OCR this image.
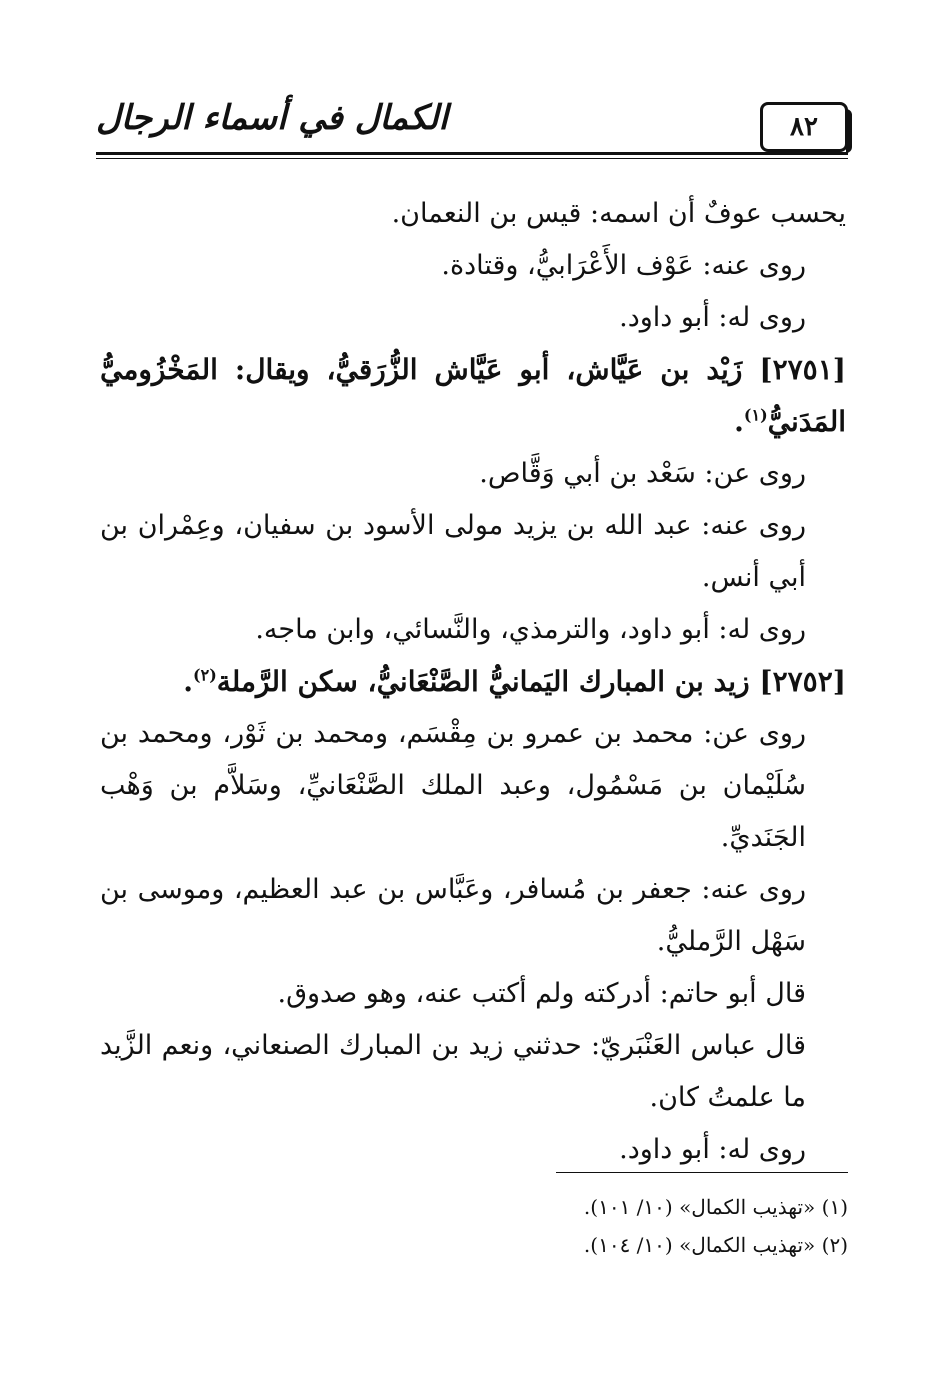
٨٢
الكمال في أسماء الرجال

يحسب عوفٌ أن اسمه: قيس بن النعمان.

روى عنه: عَوْف الأَعْرَابيُّ، وقتادة.

روى له: أبو داود.

[٢٧٥١] زَيْد بن عَيَّاش، أبو عَيَّاش الزُّرَقيُّ، ويقال: المَخْزُوميُّ المَدَنيُّ$^{(١)}$.

روى عن: سَعْد بن أبي وَقَّاص.

روى عنه: عبد الله بن يزيد مولى الأسود بن سفيان، وعِمْران بن أبي أنس.

روى له: أبو داود، والترمذي، والنَّسائي، وابن ماجه.

[٢٧٥٢] زيد بن المبارك اليَمانيُّ الصَّنْعَانيُّ، سكن الرَّملة$^{(٢)}$.

روى عن: محمد بن عمرو بن مِقْسَم، ومحمد بن ثَوْر، ومحمد بن سُلَيْمان بن مَسْمُول، وعبد الملك الصَّنْعَانيِّ، وسَلاَّم بن وَهْب الجَنَديِّ.

روى عنه: جعفر بن مُسافر، وعَبَّاس بن عبد العظيم، وموسى بن سَهْل الرَّمليُّ.

قال أبو حاتم: أدركته ولم أكتب عنه، وهو صدوق.

قال عباس العَنْبَريّ: حدثني زيد بن المبارك الصنعاني، ونعم الزَّيد ما علمتُ كان.

روى له: أبو داود.

(١) «تهذيب الكمال» (١٠/ ١٠١).

(٢) «تهذيب الكمال» (١٠/ ١٠٤).
